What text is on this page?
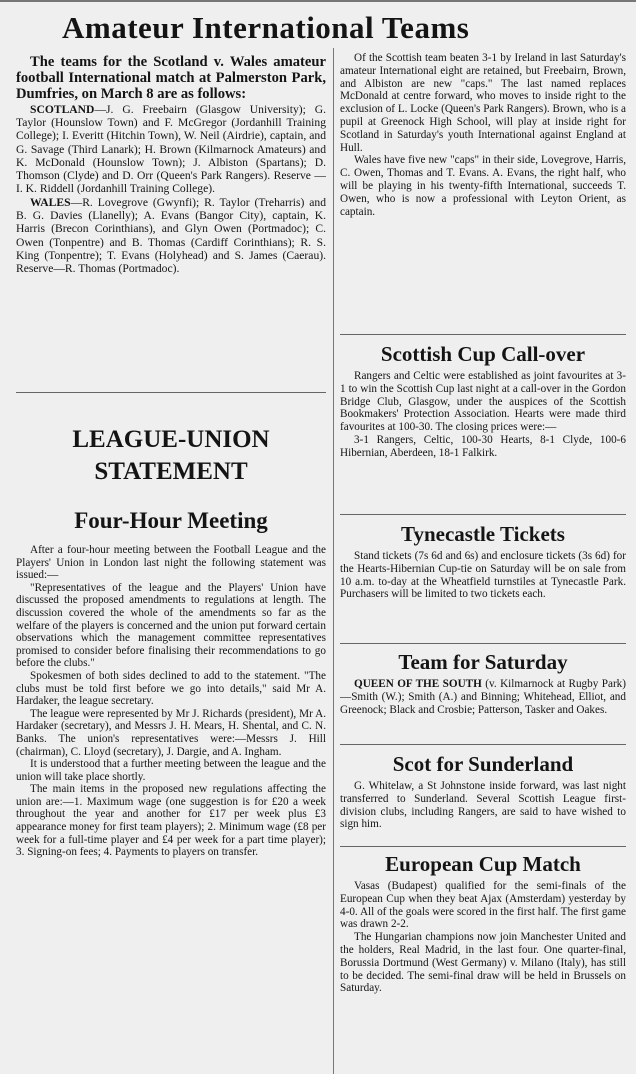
Amateur International Teams

The teams for the Scotland v. Wales amateur football International match at Palmerston Park, Dumfries, on March 8 are as follows:

SCOTLAND—J. G. Freebairn (Glasgow University); G. Taylor (Hounslow Town) and F. McGregor (Jordanhill Training College); I. Everitt (Hitchin Town), W. Neil (Airdrie), captain, and G. Savage (Third Lanark); H. Brown (Kilmarnock Amateurs) and K. McDonald (Hounslow Town); J. Albiston (Spartans); D. Thomson (Clyde) and D. Orr (Queen's Park Rangers). Reserve — I. K. Riddell (Jordanhill Training College).

WALES—R. Lovegrove (Gwynfi); R. Taylor (Treharris) and B. G. Davies (Llanelly); A. Evans (Bangor City), captain, K. Harris (Brecon Corinthians), and Glyn Owen (Portmadoc); C. Owen (Tonpentre) and B. Thomas (Cardiff Corinthians); R. S. King (Tonpentre); T. Evans (Holyhead) and S. James (Caerau). Reserve—R. Thomas (Portmadoc).

LEAGUE-UNION
STATEMENT
Four-Hour Meeting

After a four-hour meeting between the Football League and the Players' Union in London last night the following statement was issued:—

"Representatives of the league and the Players' Union have discussed the proposed amendments to regulations at length. The discussion covered the whole of the amendments so far as the welfare of the players is concerned and the union put forward certain observations which the management committee representatives promised to consider before finalising their recommendations to go before the clubs."

Spokesmen of both sides declined to add to the statement. "The clubs must be told first before we go into details," said Mr A. Hardaker, the league secretary.

The league were represented by Mr J. Richards (president), Mr A. Hardaker (secretary), and Messrs J. H. Mears, H. Shental, and C. N. Banks. The union's representatives were:—Messrs J. Hill (chairman), C. Lloyd (secretary), J. Dargie, and A. Ingham.

It is understood that a further meeting between the league and the union will take place shortly.

The main items in the proposed new regulations affecting the union are:—1. Maximum wage (one suggestion is for £20 a week throughout the year and another for £17 per week plus £3 appearance money for first team players); 2. Minimum wage (£8 per week for a full-time player and £4 per week for a part time player); 3. Signing-on fees; 4. Payments to players on transfer.

Of the Scottish team beaten 3-1 by Ireland in last Saturday's amateur International eight are retained, but Freebairn, Brown, and Albiston are new "caps." The last named replaces McDonald at centre forward, who moves to inside right to the exclusion of L. Locke (Queen's Park Rangers). Brown, who is a pupil at Greenock High School, will play at inside right for Scotland in Saturday's youth International against England at Hull.

Wales have five new "caps" in their side, Lovegrove, Harris, C. Owen, Thomas and T. Evans. A. Evans, the right half, who will be playing in his twenty-fifth International, succeeds T. Owen, who is now a professional with Leyton Orient, as captain.

Scottish Cup Call-over

Rangers and Celtic were established as joint favourites at 3-1 to win the Scottish Cup last night at a call-over in the Gordon Bridge Club, Glasgow, under the auspices of the Scottish Bookmakers' Protection Association. Hearts were made third favourites at 100-30. The closing prices were:—

3-1 Rangers, Celtic, 100-30 Hearts, 8-1 Clyde, 100-6 Hibernian, Aberdeen, 18-1 Falkirk.

Tynecastle Tickets

Stand tickets (7s 6d and 6s) and enclosure tickets (3s 6d) for the Hearts-Hibernian Cup-tie on Saturday will be on sale from 10 a.m. to-day at the Wheatfield turnstiles at Tynecastle Park. Purchasers will be limited to two tickets each.

Team for Saturday

QUEEN OF THE SOUTH (v. Kilmarnock at Rugby Park)—Smith (W.); Smith (A.) and Binning; Whitehead, Elliot, and Greenock; Black and Crosbie; Patterson, Tasker and Oakes.

Scot for Sunderland

G. Whitelaw, a St Johnstone inside forward, was last night transferred to Sunderland. Several Scottish League first-division clubs, including Rangers, are said to have wished to sign him.

European Cup Match

Vasas (Budapest) qualified for the semi-finals of the European Cup when they beat Ajax (Amsterdam) yesterday by 4-0. All of the goals were scored in the first half. The first game was drawn 2-2.

The Hungarian champions now join Manchester United and the holders, Real Madrid, in the last four. One quarter-final, Borussia Dortmund (West Germany) v. Milano (Italy), has still to be decided. The semi-final draw will be held in Brussels on Saturday.
